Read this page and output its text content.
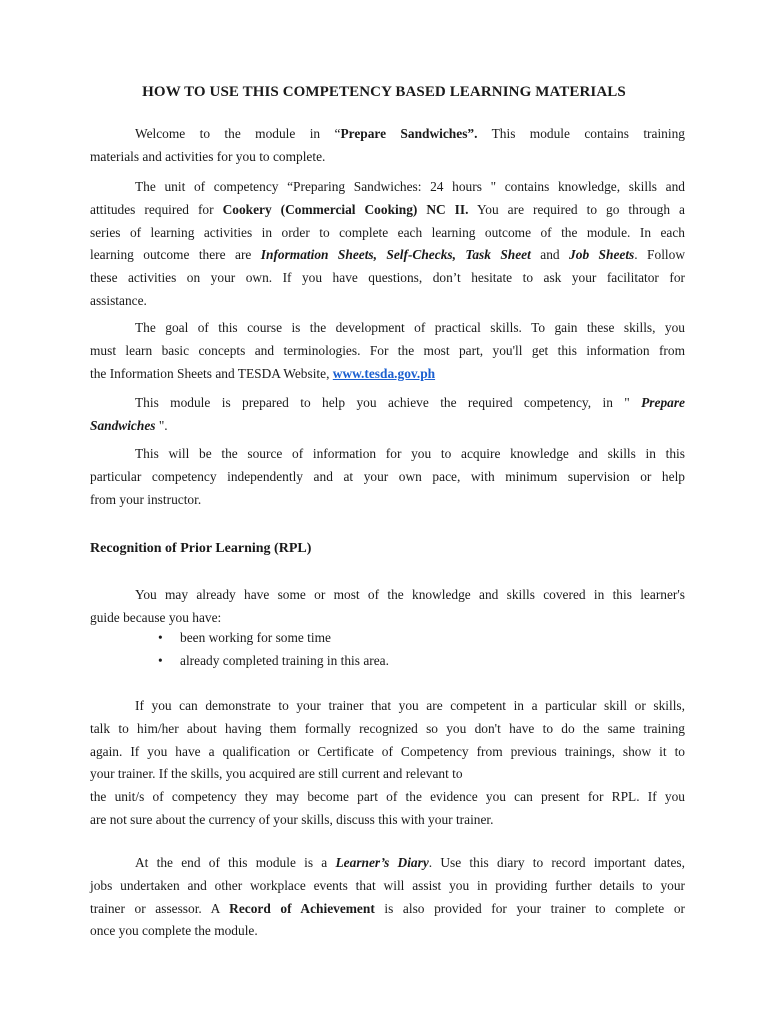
HOW TO USE THIS COMPETENCY BASED LEARNING MATERIALS
Welcome to the module in “Prepare Sandwiches”. This module contains training
materials and activities for you to complete.
The unit of competency “Preparing Sandwiches: 24 hours " contains knowledge, skills and
attitudes required for Cookery (Commercial Cooking) NC II. You are required to go through a
series of learning activities in order to complete each learning outcome of the module. In each
learning outcome there are Information Sheets, Self-Checks, Task Sheet and Job Sheets. Follow
these activities on your own. If you have questions, don’t hesitate to ask your facilitator for
assistance.
The goal of this course is the development of practical skills. To gain these skills, you
must learn basic concepts and terminologies. For the most part, you'll get this information from
the Information Sheets and TESDA Website, www.tesda.gov.ph
This module is prepared to help you achieve the required competency, in " Prepare
Sandwiches ".
This will be the source of information for you to acquire knowledge and skills in this
particular competency independently and at your own pace, with minimum supervision or help
from your instructor.
Recognition of Prior Learning (RPL)
You may already have some or most of the knowledge and skills covered in this learner's
guide because you have:
• been working for some time
• already completed training in this area.
If you can demonstrate to your trainer that you are competent in a particular skill or skills,
talk to him/her about having them formally recognized so you don't have to do the same training
again. If you have a qualification or Certificate of Competency from previous trainings, show it to
your trainer. If the skills, you acquired are still current and relevant to
the unit/s of competency they may become part of the evidence you can present for RPL. If you
are not sure about the currency of your skills, discuss this with your trainer.
At the end of this module is a Learner’s Diary. Use this diary to record important dates,
jobs undertaken and other workplace events that will assist you in providing further details to your
trainer or assessor. A Record of Achievement is also provided for your trainer to complete or
once you complete the module.
